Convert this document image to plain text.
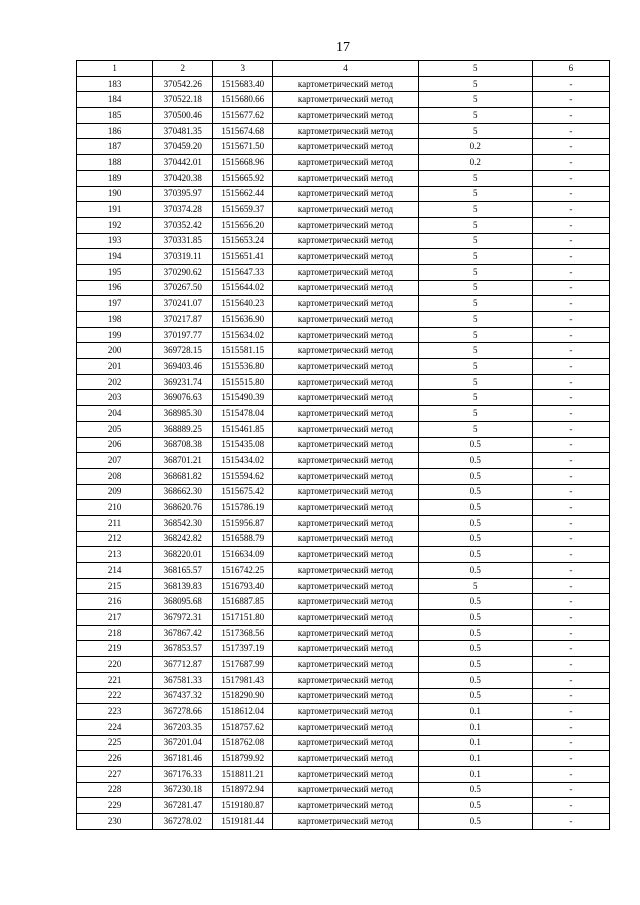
17
1	2	3	4	5	6
183	370542.26	1515683.40	картометрический метод	5	-
184	370522.18	1515680.66	картометрический метод	5	-
185	370500.46	1515677.62	картометрический метод	5	-
186	370481.35	1515674.68	картометрический метод	5	-
187	370459.20	1515671.50	картометрический метод	0.2	-
188	370442.01	1515668.96	картометрический метод	0.2	-
189	370420.38	1515665.92	картометрический метод	5	-
190	370395.97	1515662.44	картометрический метод	5	-
191	370374.28	1515659.37	картометрический метод	5	-
192	370352.42	1515656.20	картометрический метод	5	-
193	370331.85	1515653.24	картометрический метод	5	-
194	370319.11	1515651.41	картометрический метод	5	-
195	370290.62	1515647.33	картометрический метод	5	-
196	370267.50	1515644.02	картометрический метод	5	-
197	370241.07	1515640.23	картометрический метод	5	-
198	370217.87	1515636.90	картометрический метод	5	-
199	370197.77	1515634.02	картометрический метод	5	-
200	369728.15	1515581.15	картометрический метод	5	-
201	369403.46	1515536.80	картометрический метод	5	-
202	369231.74	1515515.80	картометрический метод	5	-
203	369076.63	1515490.39	картометрический метод	5	-
204	368985.30	1515478.04	картометрический метод	5	-
205	368889.25	1515461.85	картометрический метод	5	-
206	368708.38	1515435.08	картометрический метод	0.5	-
207	368701.21	1515434.02	картометрический метод	0.5	-
208	368681.82	1515594.62	картометрический метод	0.5	-
209	368662.30	1515675.42	картометрический метод	0.5	-
210	368620.76	1515786.19	картометрический метод	0.5	-
211	368542.30	1515956.87	картометрический метод	0.5	-
212	368242.82	1516588.79	картометрический метод	0.5	-
213	368220.01	1516634.09	картометрический метод	0.5	-
214	368165.57	1516742.25	картометрический метод	0.5	-
215	368139.83	1516793.40	картометрический метод	5	-
216	368095.68	1516887.85	картометрический метод	0.5	-
217	367972.31	1517151.80	картометрический метод	0.5	-
218	367867.42	1517368.56	картометрический метод	0.5	-
219	367853.57	1517397.19	картометрический метод	0.5	-
220	367712.87	1517687.99	картометрический метод	0.5	-
221	367581.33	1517981.43	картометрический метод	0.5	-
222	367437.32	1518290.90	картометрический метод	0.5	-
223	367278.66	1518612.04	картометрический метод	0.1	-
224	367203.35	1518757.62	картометрический метод	0.1	-
225	367201.04	1518762.08	картометрический метод	0.1	-
226	367181.46	1518799.92	картометрический метод	0.1	-
227	367176.33	1518811.21	картометрический метод	0.1	-
228	367230.18	1518972.94	картометрический метод	0.5	-
229	367281.47	1519180.87	картометрический метод	0.5	-
230	367278.02	1519181.44	картометрический метод	0.5	-
